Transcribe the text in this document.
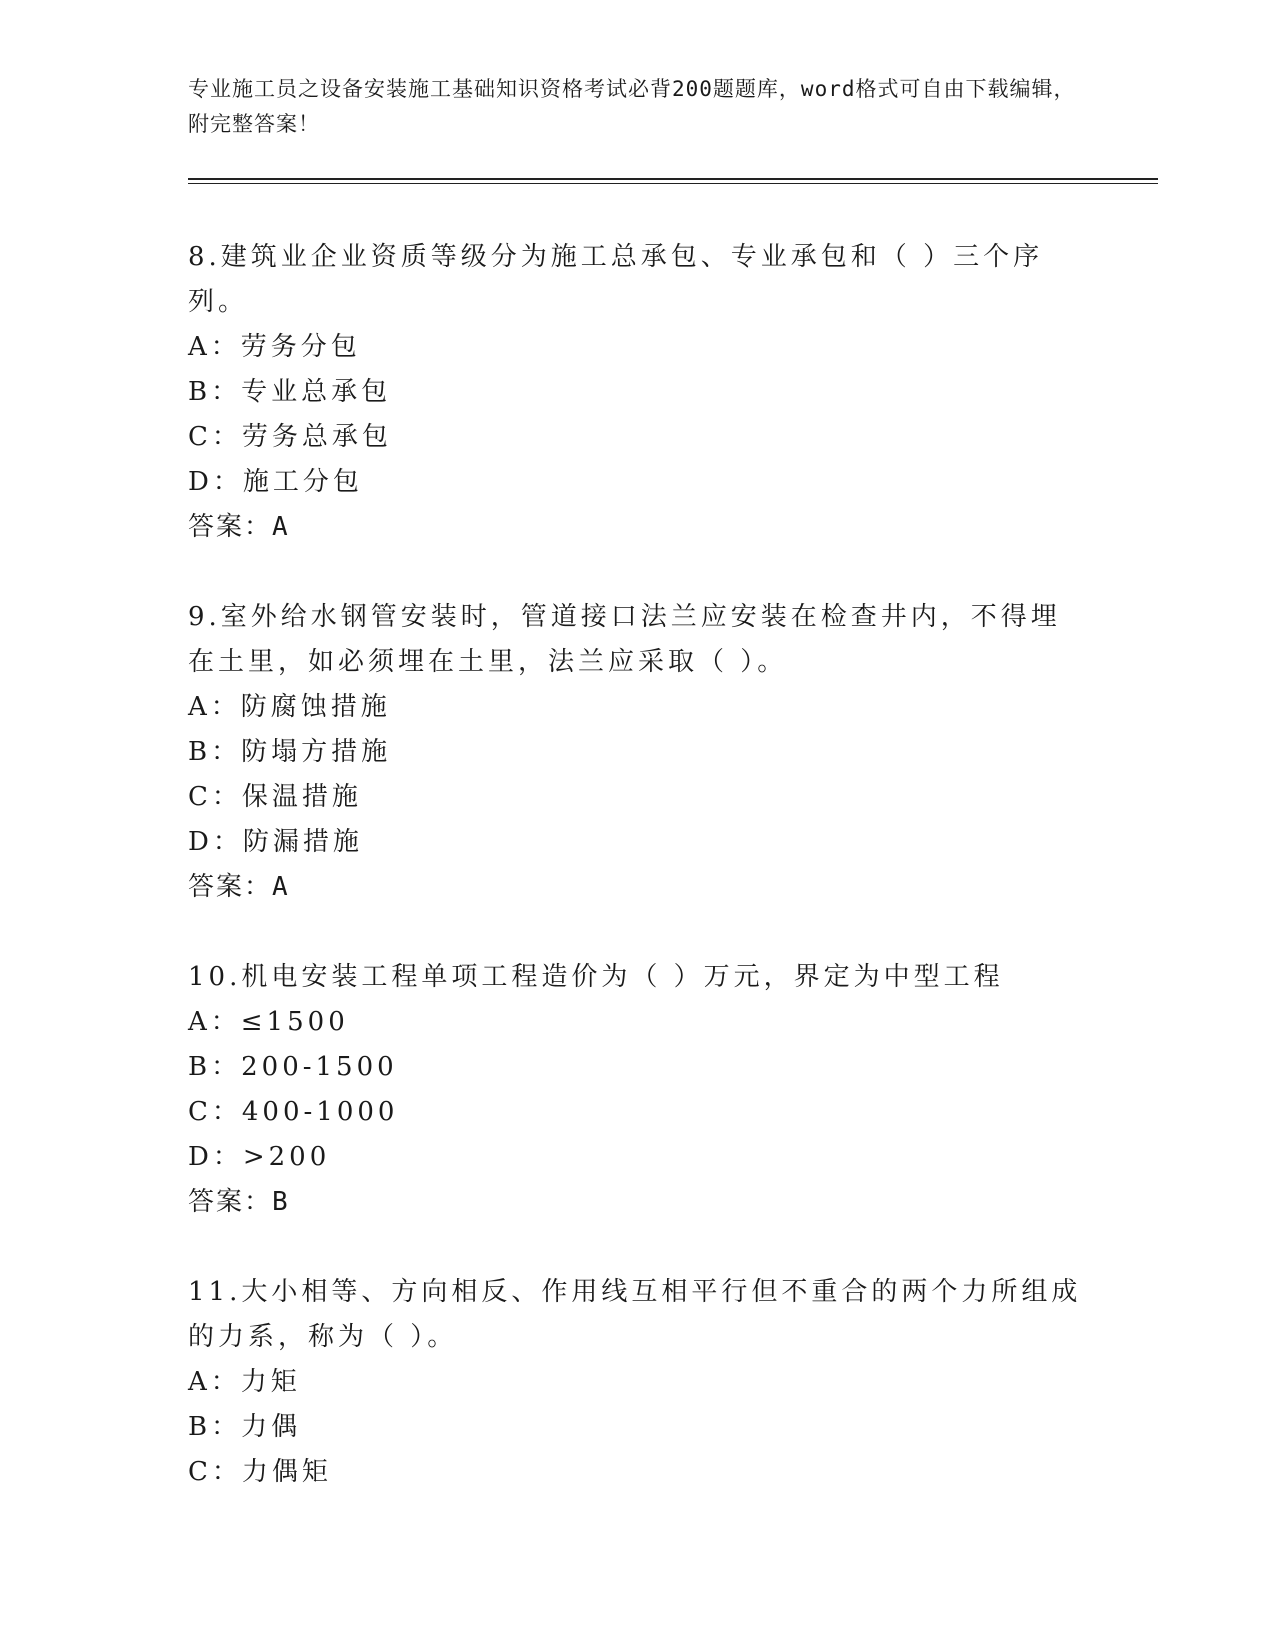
专业施工员之设备安装施工基础知识资格考试必背200题题库，word格式可自由下载编辑，附完整答案！

8.建筑业企业资质等级分为施工总承包、专业承包和（ ）三个序列。

A：劳务分包

B：专业总承包

C：劳务总承包

D：施工分包

答案：A

9.室外给水钢管安装时，管道接口法兰应安装在检查井内，不得埋在土里，如必须埋在土里，法兰应采取（ ）。

A：防腐蚀措施

B：防塌方措施

C：保温措施

D：防漏措施

答案：A

10.机电安装工程单项工程造价为（ ）万元，界定为中型工程

A：≤1500

B：200-1500

C：400-1000

D：>200

答案：B

11.大小相等、方向相反、作用线互相平行但不重合的两个力所组成的力系，称为（ ）。

A：力矩

B：力偶

C：力偶矩
